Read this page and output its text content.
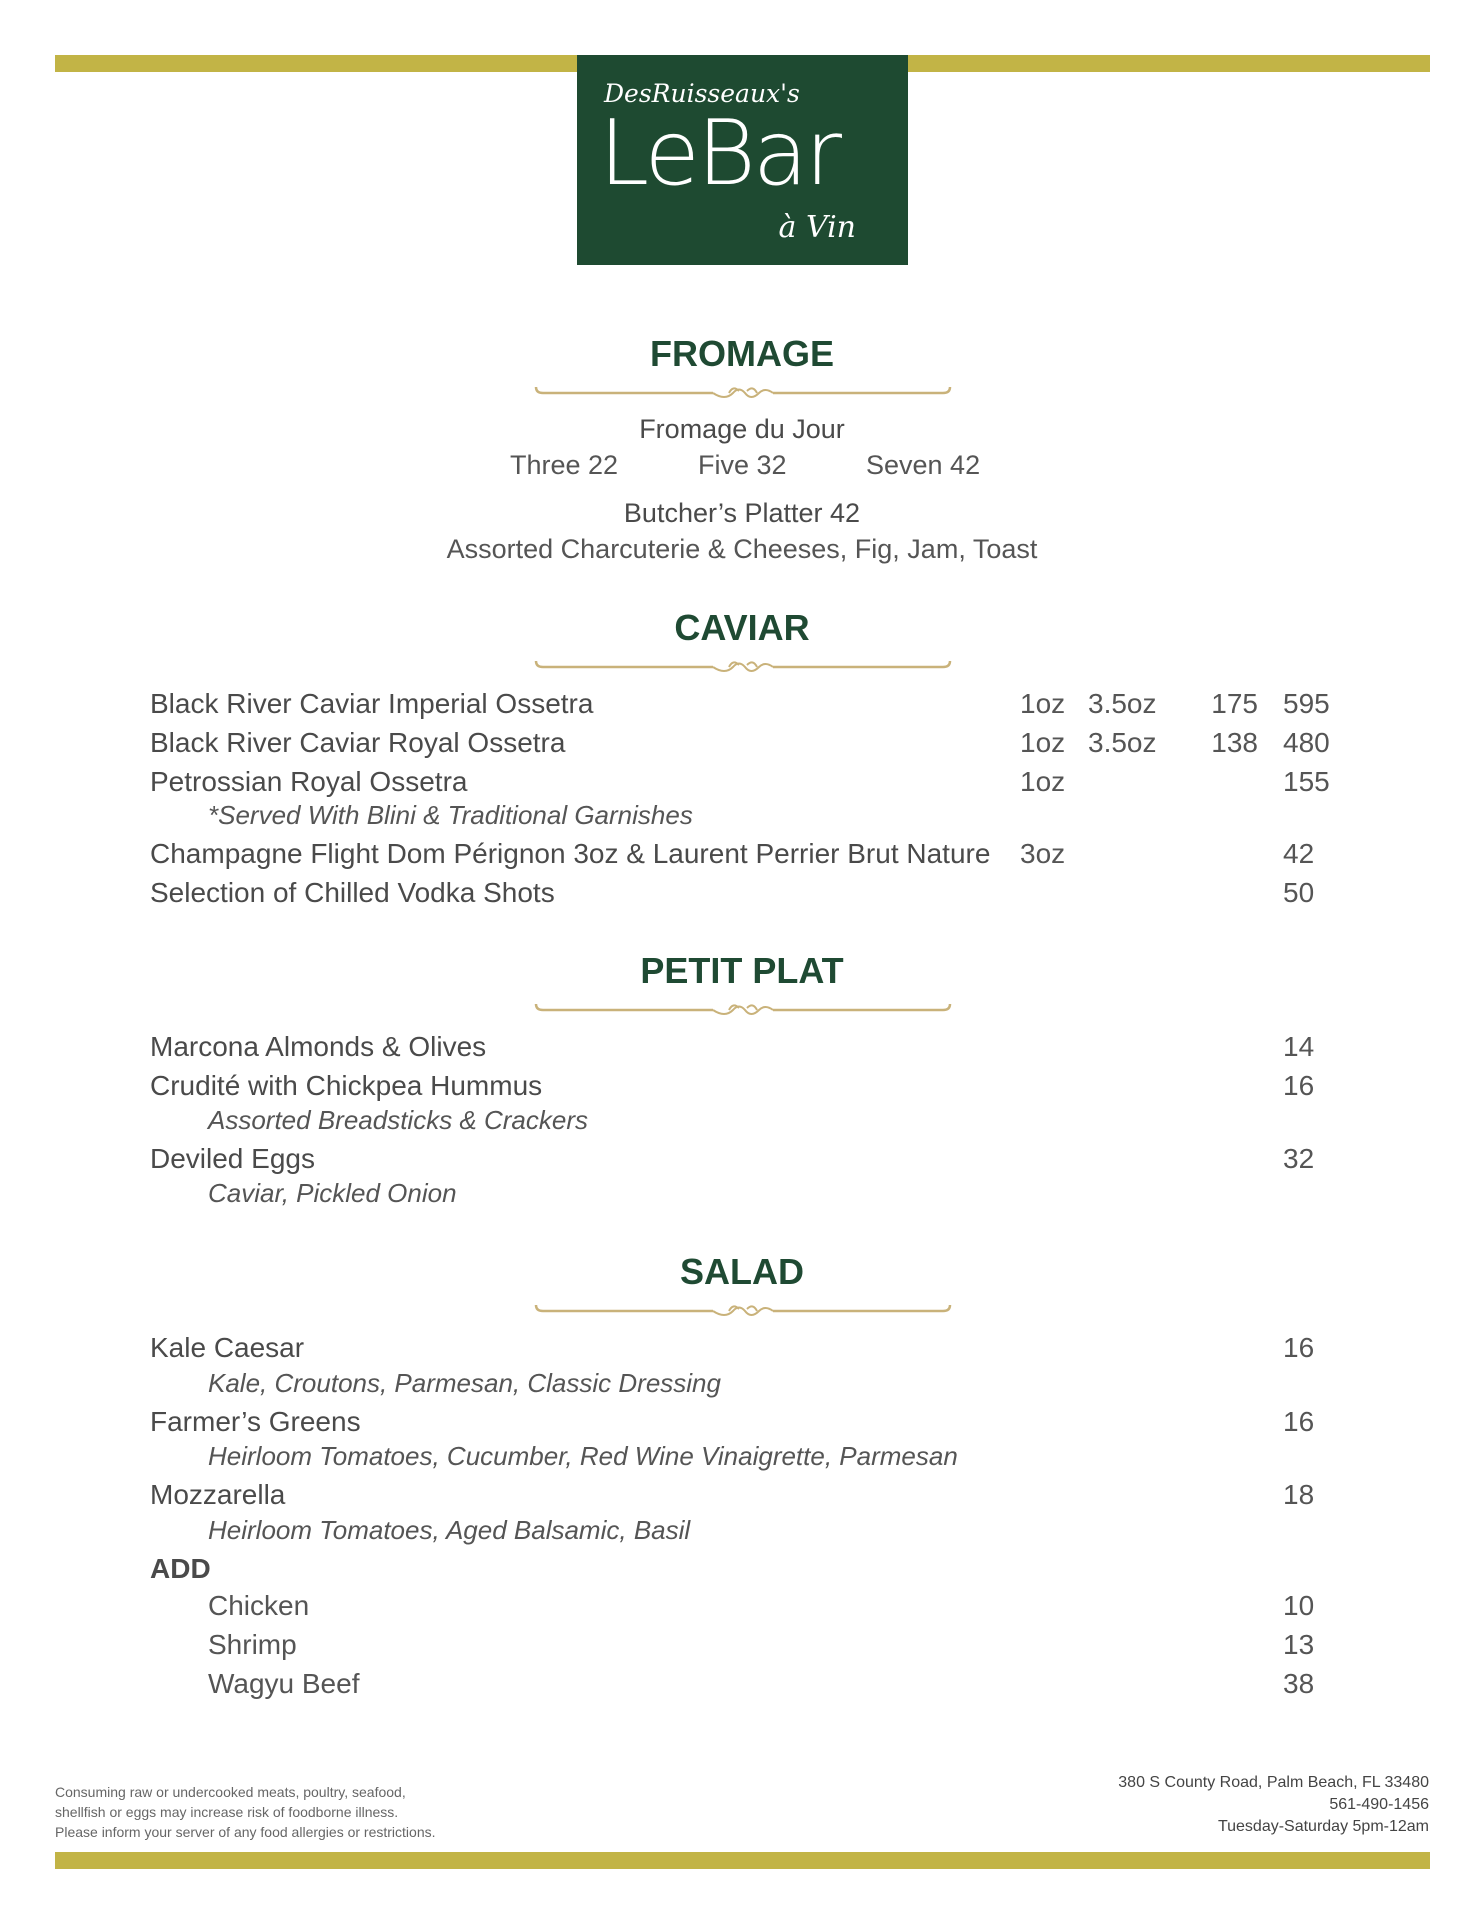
DesRuisseaux's
LeBar
à Vin
FROMAGE
Fromage du Jour
Three 22	Five 32	Seven 42
Butcher’s Platter 42
Assorted Charcuterie & Cheeses, Fig, Jam, Toast
CAVIAR
Black River Caviar Imperial Ossetra	1oz 3.5oz	175 595
Black River Caviar Royal Ossetra	1oz 3.5oz	138 480
Petrossian Royal Ossetra	1oz	155
*Served With Blini & Traditional Garnishes
Champagne Flight Dom Pérignon 3oz & Laurent Perrier Brut Nature 3oz	42
Selection of Chilled Vodka Shots	50
PETIT PLAT
Marcona Almonds & Olives	14
Crudité with Chickpea Hummus	16
Assorted Breadsticks & Crackers
Deviled Eggs	32
Caviar, Pickled Onion
SALAD
Kale Caesar	16
Kale, Croutons, Parmesan, Classic Dressing
Farmer’s Greens	16
Heirloom Tomatoes, Cucumber, Red Wine Vinaigrette, Parmesan
Mozzarella	18
Heirloom Tomatoes, Aged Balsamic, Basil
ADD
Chicken	10
Shrimp	13
Wagyu Beef	38
Consuming raw or undercooked meats, poultry, seafood,
shellfish or eggs may increase risk of foodborne illness.
Please inform your server of any food allergies or restrictions.
380 S County Road, Palm Beach, FL 33480
561-490-1456
Tuesday-Saturday 5pm-12am
